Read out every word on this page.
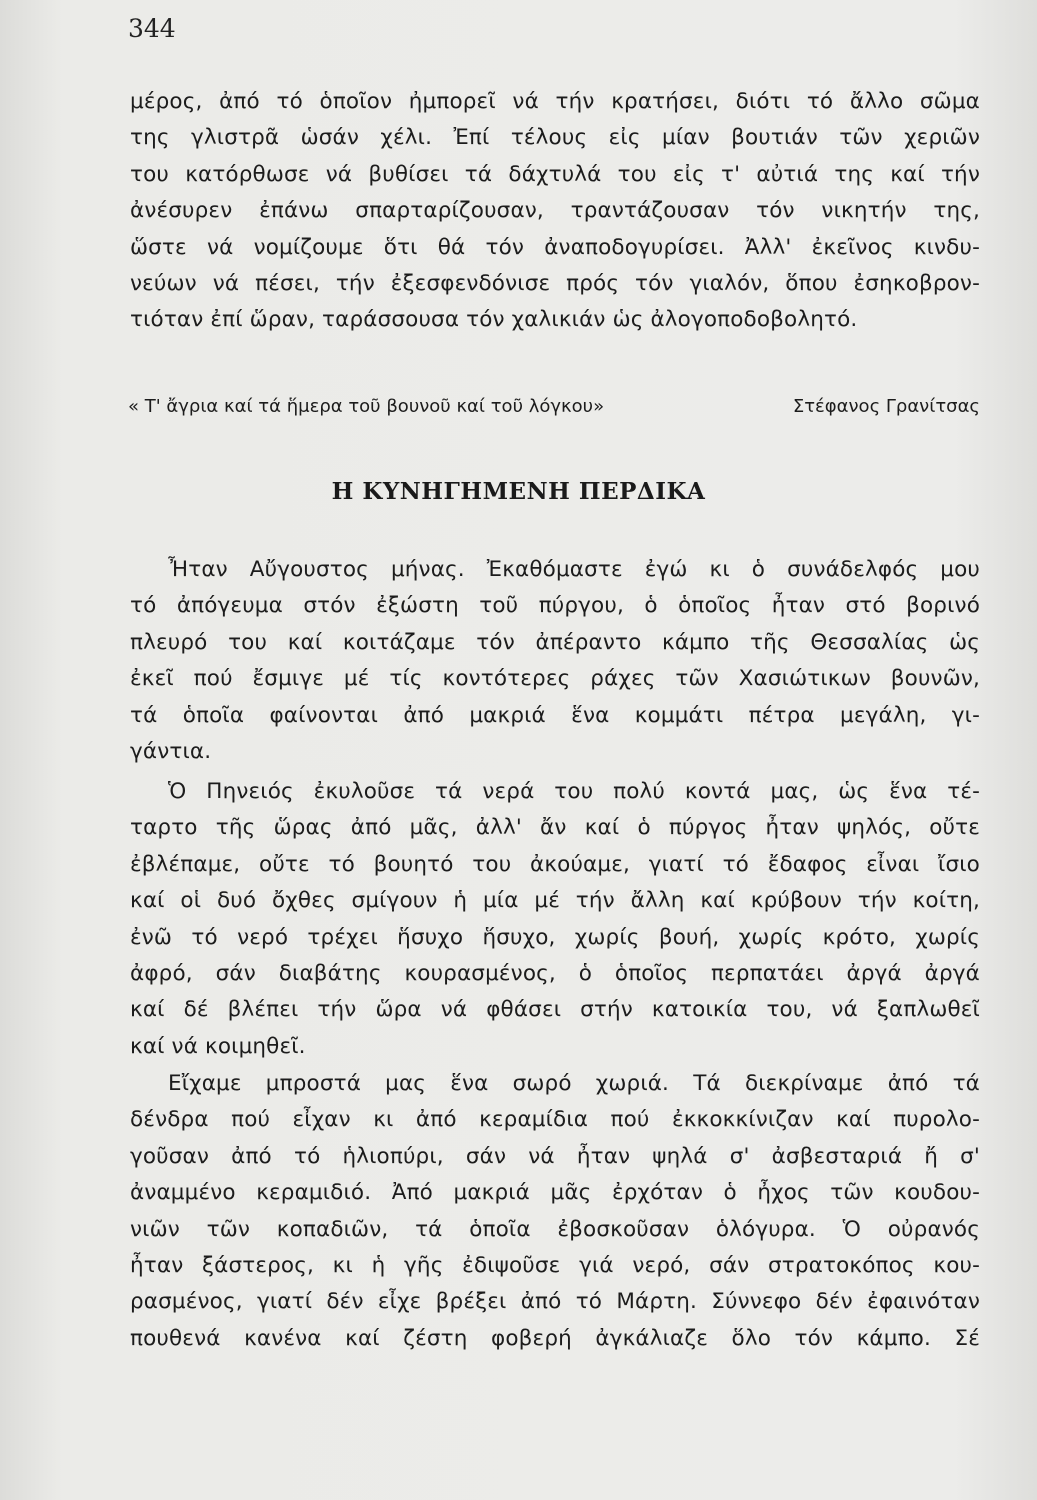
344
μέρος, ἀπό τό ὁποῖον ἠμπορεῖ νά τήν κρατήσει, διότι τό ἄλλο σῶμα
της γλιστρᾶ ὡσάν χέλι. Ἐπί τέλους εἰς μίαν βουτιάν τῶν χεριῶν
του κατόρθωσε νά βυθίσει τά δάχτυλά του εἰς τ' αὐτιά της καί τήν
ἀνέσυρεν ἐπάνω σπαρταρίζουσαν, τραντάζουσαν τόν νικητήν της,
ὥστε νά νομίζουμε ὅτι θά τόν ἀναποδογυρίσει. Ἀλλ' ἐκεῖνος κινδυ-
νεύων νά πέσει, τήν ἐξεσφενδόνισε πρός τόν γιαλόν, ὅπου ἐσηκοβρον-
τιόταν ἐπί ὥραν, ταράσσουσα τόν χαλικιάν ὡς ἀλογοποδοβολητό.
« Τ' ἄγρια καί τά ἥμερα τοῦ βουνοῦ καί τοῦ λόγκου»	Στέφανος Γρανίτσας
Η ΚΥΝΗΓΗΜΕΝΗ ΠΕΡΔΙΚΑ
Ἦταν Αὔγουστος μήνας. Ἐκαθόμαστε ἐγώ κι ὁ συνάδελφός μου
τό ἀπόγευμα στόν ἐξώστη τοῦ πύργου, ὁ ὁποῖος ἦταν στό βορινό
πλευρό του καί κοιτάζαμε τόν ἀπέραντο κάμπο τῆς Θεσσαλίας ὡς
ἐκεῖ πού ἔσμιγε μέ τίς κοντότερες ράχες τῶν Χασιώτικων βουνῶν,
τά ὁποῖα φαίνονται ἀπό μακριά ἕνα κομμάτι πέτρα μεγάλη, γι-
γάντια.
Ὁ Πηνειός ἐκυλοῦσε τά νερά του πολύ κοντά μας, ὡς ἕνα τέ-
ταρτο τῆς ὥρας ἀπό μᾶς, ἀλλ' ἄν καί ὁ πύργος ἦταν ψηλός, οὔτε
ἐβλέπαμε, οὔτε τό βουητό του ἀκούαμε, γιατί τό ἔδαφος εἶναι ἴσιο
καί οἱ δυό ὄχθες σμίγουν ἡ μία μέ τήν ἄλλη καί κρύβουν τήν κοίτη,
ἐνῶ τό νερό τρέχει ἥσυχο ἥσυχο, χωρίς βουή, χωρίς κρότο, χωρίς
ἀφρό, σάν διαβάτης κουρασμένος, ὁ ὁποῖος περπατάει ἀργά ἀργά
καί δέ βλέπει τήν ὥρα νά φθάσει στήν κατοικία του, νά ξαπλωθεῖ
καί νά κοιμηθεῖ.
Εἴχαμε μπροστά μας ἕνα σωρό χωριά. Τά διεκρίναμε ἀπό τά
δένδρα πού εἶχαν κι ἀπό κεραμίδια πού ἐκκοκκίνιζαν καί πυρολο-
γοῦσαν ἀπό τό ἡλιοπύρι, σάν νά ἦταν ψηλά σ' ἀσβεσταριά ἤ σ'
ἀναμμένο κεραμιδιό. Ἀπό μακριά μᾶς ἐρχόταν ὁ ἦχος τῶν κουδου-
νιῶν τῶν κοπαδιῶν, τά ὁποῖα ἐβοσκοῦσαν ὁλόγυρα. Ὁ οὐρανός
ἦταν ξάστερος, κι ἡ γῆς ἐδιψοῦσε γιά νερό, σάν στρατοκόπος κου-
ρασμένος, γιατί δέν εἶχε βρέξει ἀπό τό Μάρτη. Σύννεφο δέν ἐφαινόταν
πουθενά κανένα καί ζέστη φοβερή ἀγκάλιαζε ὅλο τόν κάμπο. Σέ
